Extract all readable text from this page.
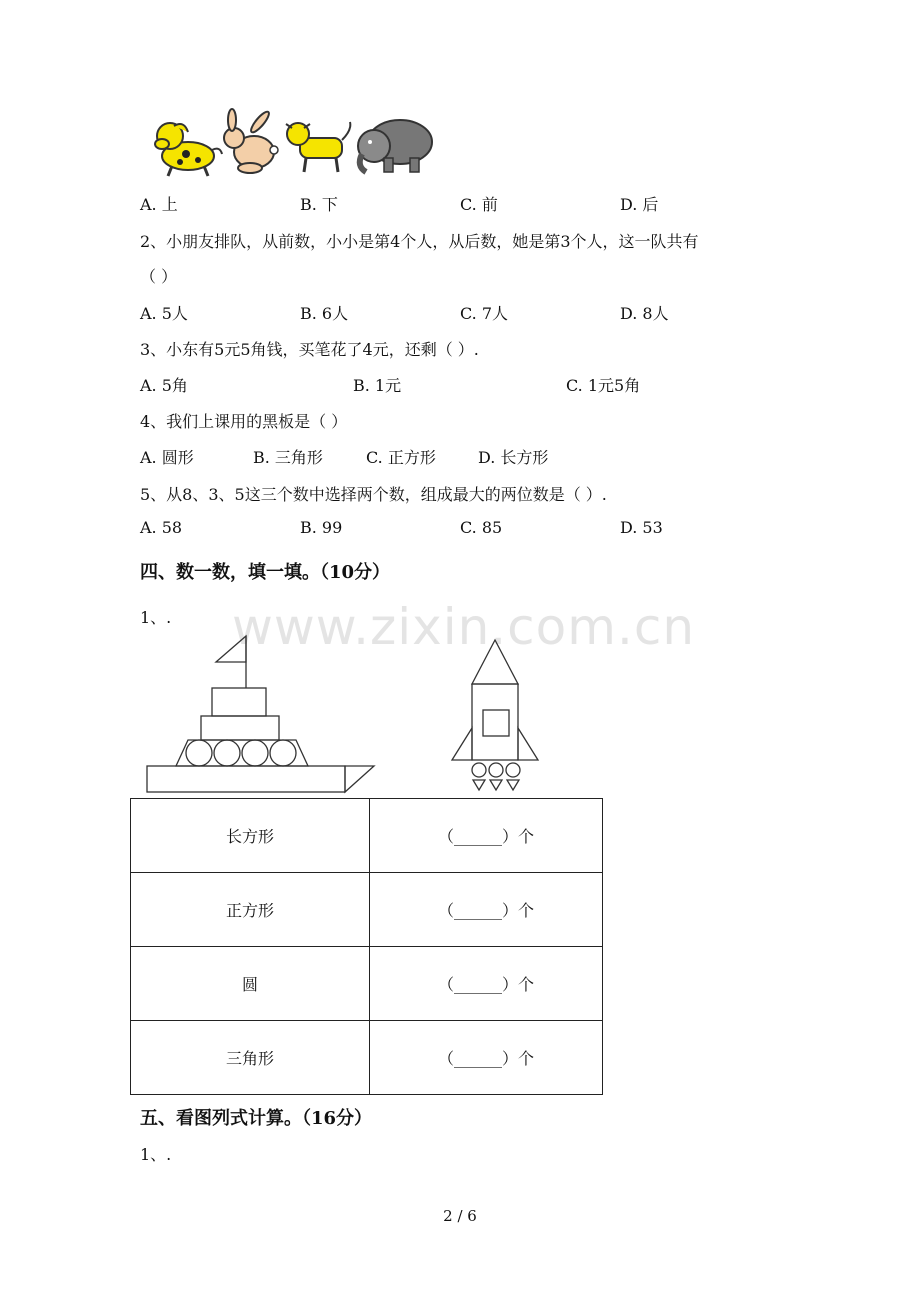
A. 上	B. 下	C. 前	D. 后
2、小朋友排队，从前数，小小是第4个人，从后数，她是第3个人，这一队共有
（ ）
A. 5人	B. 6人	C. 7人	D. 8人
3、小东有5元5角钱，买笔花了4元，还剩（ ）.
A. 5角	B. 1元	C. 1元5角
4、我们上课用的黑板是（ ）
A. 圆形	B. 三角形	C. 正方形	D. 长方形
5、从8、3、5这三个数中选择两个数，组成最大的两位数是（ ）.
A. 58	B. 99	C. 85	D. 53
四、数一数，填一填。（10分）
1、. www.zixin.com.cn
长方形	（______）个
正方形	（______）个
圆	（______）个
三角形	（______）个
五、看图列式计算。（16分）
1、.
2 / 6
